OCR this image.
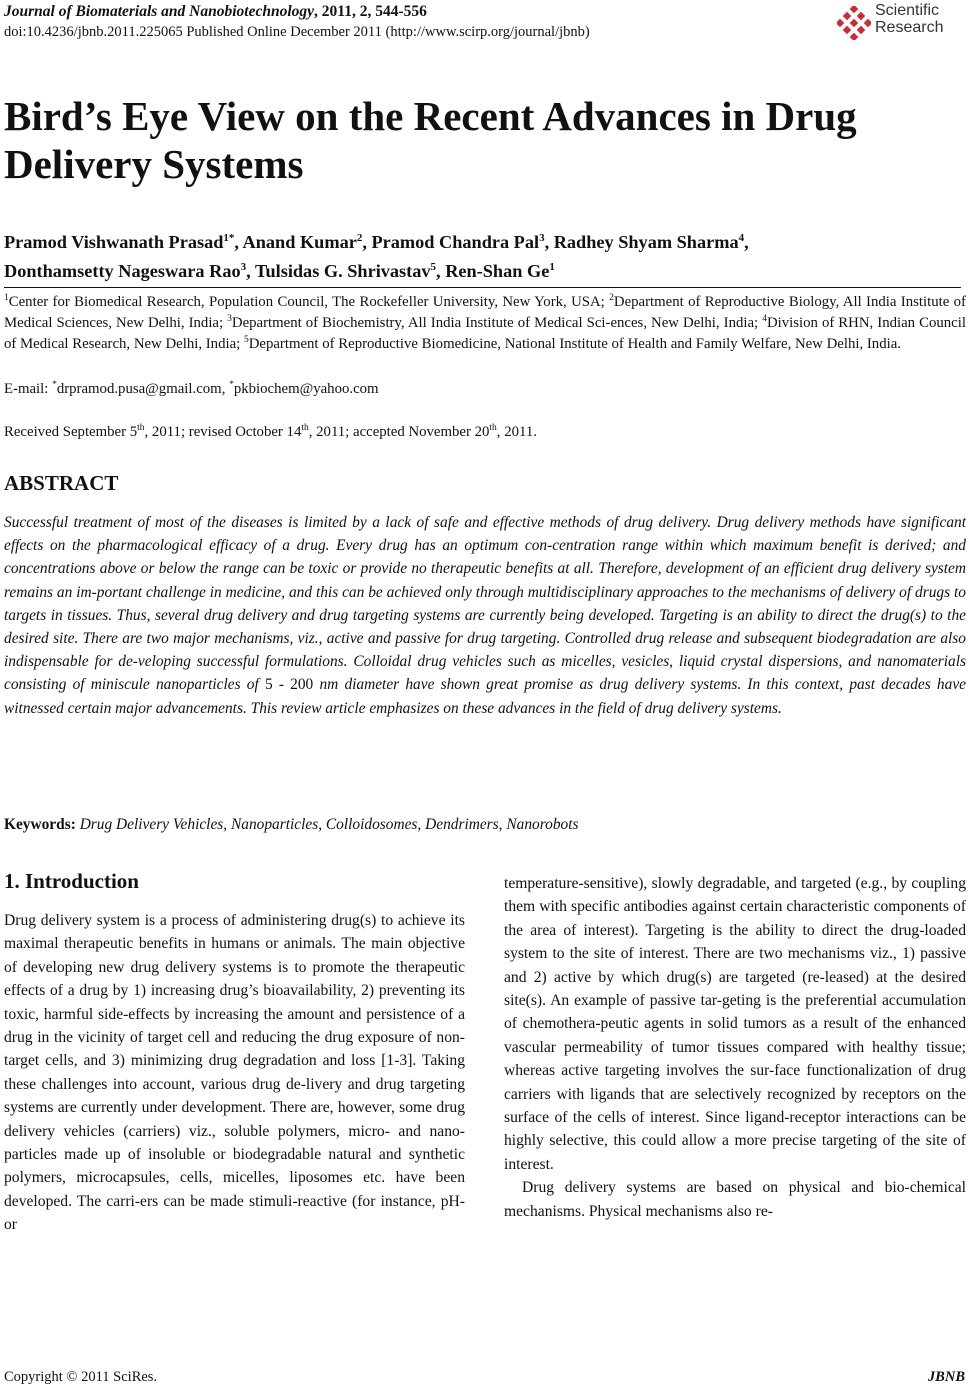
Journal of Biomaterials and Nanobiotechnology, 2011, 2, 544-556
doi:10.4236/jbnb.2011.225065 Published Online December 2011 (http://www.scirp.org/journal/jbnb)
Scientific
Research
Bird’s Eye View on the Recent Advances in Drug Delivery Systems
Pramod Vishwanath Prasad$^{1*}$, Anand Kumar$^2$, Pramod Chandra Pal$^3$, Radhey Shyam Sharma$^4$,
Donthamsetty Nageswara Rao$^3$, Tulsidas G. Shrivastav$^5$, Ren-Shan Ge$^1$
$^1$Center for Biomedical Research, Population Council, The Rockefeller University, New York, USA; $^2$Department of Reproductive Biology, All India Institute of Medical Sciences, New Delhi, India; $^3$Department of Biochemistry, All India Institute of Medical Sci-ences, New Delhi, India; $^4$Division of RHN, Indian Council of Medical Research, New Delhi, India; $^5$Department of Reproductive Biomedicine, National Institute of Health and Family Welfare, New Delhi, India.
E-mail: *drpramod.pusa@gmail.com, *pkbiochem@yahoo.com
Received September 5th, 2011; revised October 14th, 2011; accepted November 20th, 2011.
ABSTRACT
Successful treatment of most of the diseases is limited by a lack of safe and effective methods of drug delivery. Drug delivery methods have significant effects on the pharmacological efficacy of a drug. Every drug has an optimum con-centration range within which maximum benefit is derived; and concentrations above or below the range can be toxic or provide no therapeutic benefits at all. Therefore, development of an efficient drug delivery system remains an im-portant challenge in medicine, and this can be achieved only through multidisciplinary approaches to the mechanisms of delivery of drugs to targets in tissues. Thus, several drug delivery and drug targeting systems are currently being developed. Targeting is an ability to direct the drug(s) to the desired site. There are two major mechanisms, viz., active and passive for drug targeting. Controlled drug release and subsequent biodegradation are also indispensable for de-veloping successful formulations. Colloidal drug vehicles such as micelles, vesicles, liquid crystal dispersions, and nanomaterials consisting of miniscule nanoparticles of 5 - 200 nm diameter have shown great promise as drug delivery systems. In this context, past decades have witnessed certain major advancements. This review article emphasizes on these advances in the field of drug delivery systems.
Keywords: Drug Delivery Vehicles, Nanoparticles, Colloidosomes, Dendrimers, Nanorobots
1. Introduction

Drug delivery system is a process of administering drug(s) to achieve its maximal therapeutic benefits in humans or animals. The main objective of developing new drug delivery systems is to promote the therapeutic effects of a drug by 1) increasing drug’s bioavailability, 2) preventing its toxic, harmful side-effects by increasing the amount and persistence of a drug in the vicinity of target cell and reducing the drug exposure of non-target cells, and 3) minimizing drug degradation and loss [1-3]. Taking these challenges into account, various drug de-livery and drug targeting systems are currently under development. There are, however, some drug delivery vehicles (carriers) viz., soluble polymers, micro- and nano-particles made up of insoluble or biodegradable natural and synthetic polymers, microcapsules, cells, micelles, liposomes etc. have been developed. The carri-ers can be made stimuli-reactive (for instance, pH- or

temperature-sensitive), slowly degradable, and targeted (e.g., by coupling them with specific antibodies against certain characteristic components of the area of interest). Targeting is the ability to direct the drug-loaded system to the site of interest. There are two mechanisms viz., 1) passive and 2) active by which drug(s) are targeted (re-leased) at the desired site(s). An example of passive tar-geting is the preferential accumulation of chemothera-peutic agents in solid tumors as a result of the enhanced vascular permeability of tumor tissues compared with healthy tissue; whereas active targeting involves the sur-face functionalization of drug carriers with ligands that are selectively recognized by receptors on the surface of the cells of interest. Since ligand-receptor interactions can be highly selective, this could allow a more precise targeting of the site of interest.

Drug delivery systems are based on physical and bio-chemical mechanisms. Physical mechanisms also re-

Copyright © 2011 SciRes.	JBNB
